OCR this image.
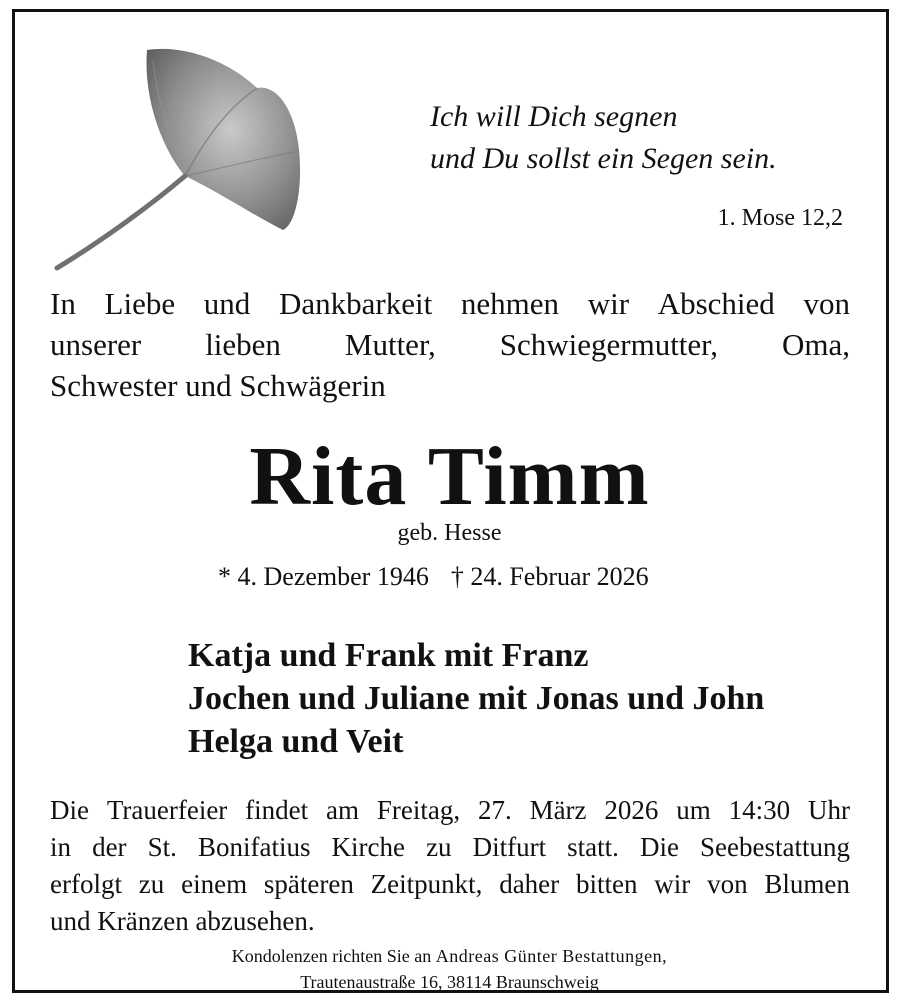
Ich will Dich segnen
und Du sollst ein Segen sein.
1. Mose 12,2
In Liebe und Dankbarkeit nehmen wir Abschied von
unserer lieben Mutter, Schwiegermutter, Oma,
Schwester und Schwägerin
Rita Timm
geb. Hesse
* 4. Dezember 1946 † 24. Februar 2026
Katja und Frank mit Franz
Jochen und Juliane mit Jonas und John
Helga und Veit
Die Trauerfeier findet am Freitag, 27. März 2026 um 14:30 Uhr
in der St. Bonifatius Kirche zu Ditfurt statt. Die Seebestattung
erfolgt zu einem späteren Zeitpunkt, daher bitten wir von Blumen
und Kränzen abzusehen.
Kondolenzen richten Sie an Andreas Günter Bestattungen,
Trautenaustraße 16, 38114 Braunschweig
